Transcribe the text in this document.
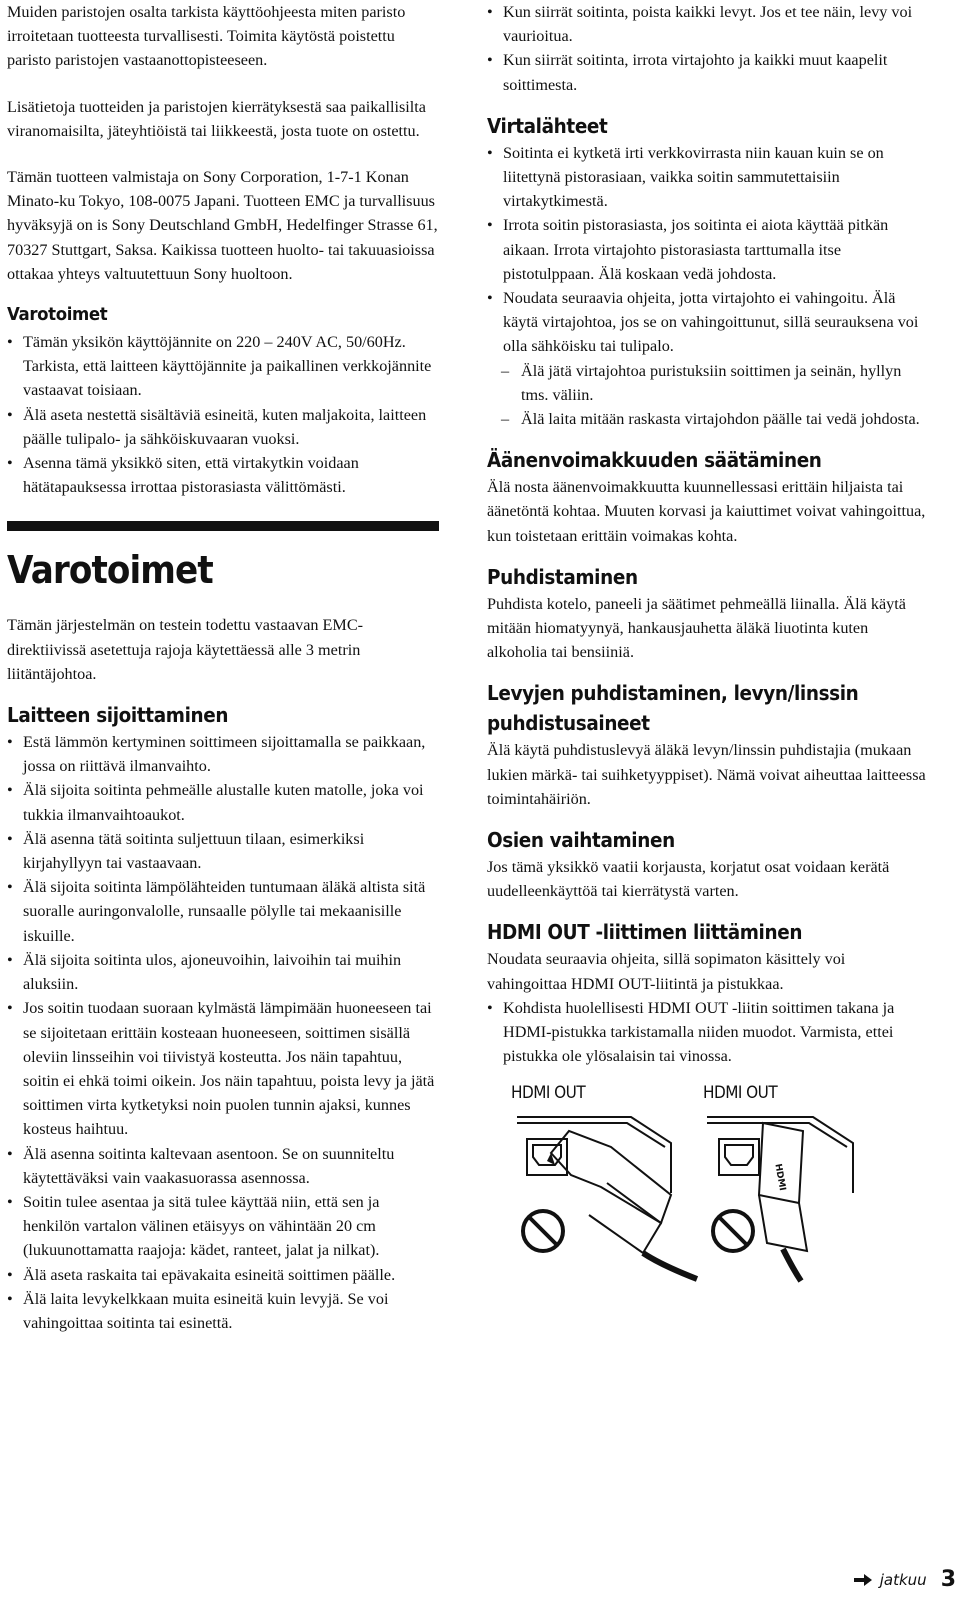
Muiden paristojen osalta tarkista käyttöohjeesta miten paristo irroitetaan tuotteesta turvallisesti. Toimita käytöstä poistettu paristo paristojen vastaanottopisteeseen.

Lisätietoja tuotteiden ja paristojen kierrätyksestä saa paikallisilta viranomaisilta, jäteyhtiöistä tai liikkeestä, josta tuote on ostettu.

Tämän tuotteen valmistaja on Sony Corporation, 1-7-1 Konan Minato-ku Tokyo, 108-0075 Japani. Tuotteen EMC ja turvallisuus hyväksyjä on is Sony Deutschland GmbH, Hedelfinger Strasse 61, 70327 Stuttgart, Saksa. Kaikissa tuotteen huolto- tai takuuasioissa ottakaa yhteys valtuutettuun Sony huoltoon.

Varotoimet
• Tämän yksikön käyttöjännite on 220 – 240V AC, 50/60Hz. Tarkista, että laitteen käyttöjännite ja paikallinen verkkojännite vastaavat toisiaan.
• Älä aseta nestettä sisältäviä esineitä, kuten maljakoita, laitteen päälle tulipalo- ja sähköiskuvaaran vuoksi.
• Asenna tämä yksikkö siten, että virtakytkin voidaan hätätapauksessa irrottaa pistorasiasta välittömästi.
Varotoimet

Tämän järjestelmän on testein todettu vastaavan EMC-direktiivissä asetettuja rajoja käytettäessä alle 3 metrin liitäntäjohtoa.

Laitteen sijoittaminen
• Estä lämmön kertyminen soittimeen sijoittamalla se paikkaan, jossa on riittävä ilmanvaihto.
• Älä sijoita soitinta pehmeälle alustalle kuten matolle, joka voi tukkia ilmanvaihtoaukot.
• Älä asenna tätä soitinta suljettuun tilaan, esimerkiksi kirjahyllyyn tai vastaavaan.
• Älä sijoita soitinta lämpölähteiden tuntumaan äläkä altista sitä suoralle auringonvalolle, runsaalle pölylle tai mekaanisille iskuille.
• Älä sijoita soitinta ulos, ajoneuvoihin, laivoihin tai muihin aluksiin.
• Jos soitin tuodaan suoraan kylmästä lämpimään huoneeseen tai se sijoitetaan erittäin kosteaan huoneeseen, soittimen sisällä oleviin linsseihin voi tiivistyä kosteutta. Jos näin tapahtuu, soitin ei ehkä toimi oikein. Jos näin tapahtuu, poista levy ja jätä soittimen virta kytketyksi noin puolen tunnin ajaksi, kunnes kosteus haihtuu.
• Älä asenna soitinta kaltevaan asentoon. Se on suunniteltu käytettäväksi vain vaakasuorassa asennossa.
• Soitin tulee asentaa ja sitä tulee käyttää niin, että sen ja henkilön vartalon välinen etäisyys on vähintään 20 cm (lukuunottamatta raajoja: kädet, ranteet, jalat ja nilkat).
• Älä aseta raskaita tai epävakaita esineitä soittimen päälle.
• Älä laita levykelkkaan muita esineitä kuin levyjä. Se voi vahingoittaa soitinta tai esinettä.
• Kun siirrät soitinta, poista kaikki levyt. Jos et tee näin, levy voi vaurioitua.
• Kun siirrät soitinta, irrota virtajohto ja kaikki muut kaapelit soittimesta.
Virtalähteet
• Soitinta ei kytketä irti verkkovirrasta niin kauan kuin se on liitettynä pistorasiaan, vaikka soitin sammutettaisiin virtakytkimestä.
• Irrota soitin pistorasiasta, jos soitinta ei aiota käyttää pitkän aikaan. Irrota virtajohto pistorasiasta tarttumalla itse pistotulppaan. Älä koskaan vedä johdosta.
• Noudata seuraavia ohjeita, jotta virtajohto ei vahingoitu. Älä käytä virtajohtoa, jos se on vahingoittunut, sillä seurauksena voi olla sähköisku tai tulipalo.
– Älä jätä virtajohtoa puristuksiin soittimen ja seinän, hyllyn tms. väliin.
– Älä laita mitään raskasta virtajohdon päälle tai vedä johdosta.
Äänenvoimakkuuden säätäminen

Älä nosta äänenvoimakkuutta kuunnellessasi erittäin hiljaista tai äänetöntä kohtaa. Muuten korvasi ja kaiuttimet voivat vahingoittua, kun toistetaan erittäin voimakas kohta.

Puhdistaminen

Puhdista kotelo, paneeli ja säätimet pehmeällä liinalla. Älä käytä mitään hiomatyynyä, hankausjauhetta äläkä liuotinta kuten alkoholia tai bensiiniä.

Levyjen puhdistaminen, levyn/linssin
puhdistusaineet

Älä käytä puhdistuslevyä äläkä levyn/linssin puhdistajia (mukaan lukien märkä- tai suihketyyppiset). Nämä voivat aiheuttaa laitteessa toimintahäiriön.

Osien vaihtaminen

Jos tämä yksikkö vaatii korjausta, korjatut osat voidaan kerätä uudelleenkäyttöä tai kierrätystä varten.

HDMI OUT -liittimen liittäminen

Noudata seuraavia ohjeita, sillä sopimaton käsittely voi vahingoittaa HDMI OUT-liitintä ja pistukkaa.

• Kohdista huolellisesti HDMI OUT -liitin soittimen takana ja HDMI-pistukka tarkistamalla niiden muodot. Varmista, ettei pistukka ole ylösalaisin tai vinossa.
HDMI OUT	HDMI OUT
HDMI
jatkuu 3
